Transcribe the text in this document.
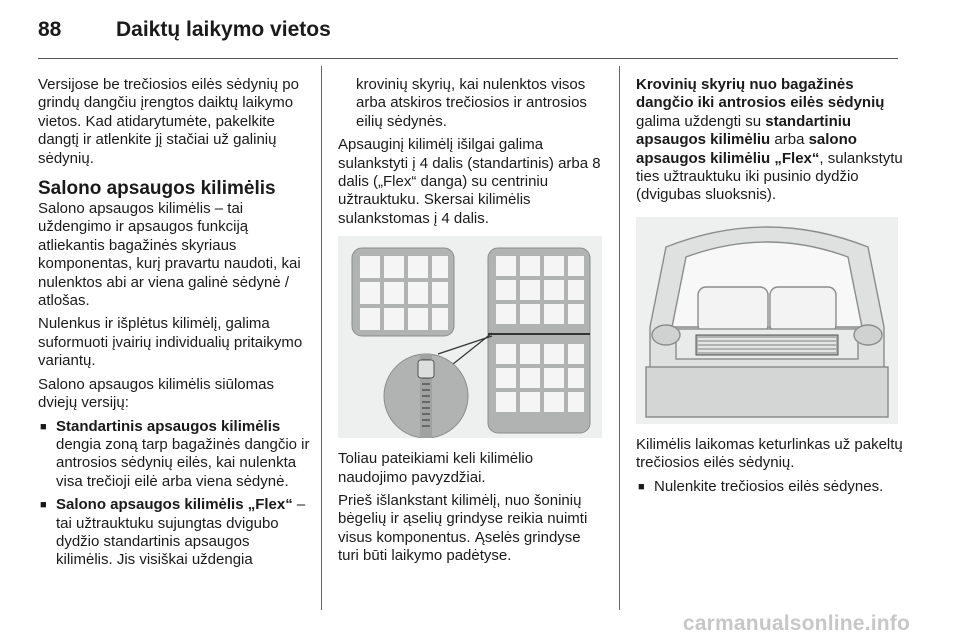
88	Daiktų laikymo vietos

Versijose be trečiosios eilės sėdynių po grindų dangčiu įrengtos daiktų laikymo vietos. Kad atidarytumėte, pakelkite dangtį ir atlenkite jį stačiai už galinių sėdynių.

Salono apsaugos kilimėlis

Salono apsaugos kilimėlis – tai uždengimo ir apsaugos funkciją atliekantis bagažinės skyriaus komponentas, kurį pravartu naudoti, kai nulenktos abi ar viena galinė sėdynė / atlošas.

Nulenkus ir išplėtus kilimėlį, galima suformuoti įvairių individualių pritaikymo variantų.

Salono apsaugos kilimėlis siūlomas dviejų versijų:

■ Standartinis apsaugos kilimėlis

dengia zoną tarp bagažinės dangčio ir antrosios sėdynių eilės, kai nulenkta visa trečioji eilė arba viena sėdynė.

■ Salono apsaugos kilimėlis „Flex“ – tai užtrauktuku sujungtas dvigubo dydžio standartinis apsaugos kilimėlis. Jis visiškai uždengia

krovinių skyrių, kai nulenktos visos arba atskiros trečiosios ir antrosios eilių sėdynės.

Apsauginį kilimėlį išilgai galima sulankstyti į 4 dalis (standartinis) arba 8 dalis („Flex“ danga) su centriniu užtrauktuku. Skersai kilimėlis sulankstomas į 4 dalis.

Toliau pateikiami keli kilimėlio naudojimo pavyzdžiai.

Prieš išlankstant kilimėlį, nuo šoninių bėgelių ir ąselių grindyse reikia nuimti visus komponentus. Ąselės grindyse turi būti laikymo padėtyse.

Krovinių skyrių nuo bagažinės dangčio iki antrosios eilės sėdynių galima uždengti su standartiniu apsaugos kilimėliu arba salono apsaugos kilimėliu „Flex“, sulankstytu ties užtrauktuku iki pusinio dydžio (dvigubas sluoksnis).

Kilimėlis laikomas keturlinkas už pakeltų trečiosios eilės sėdynių.

■ Nulenkite trečiosios eilės sėdynes.
carmanualsonline.info
